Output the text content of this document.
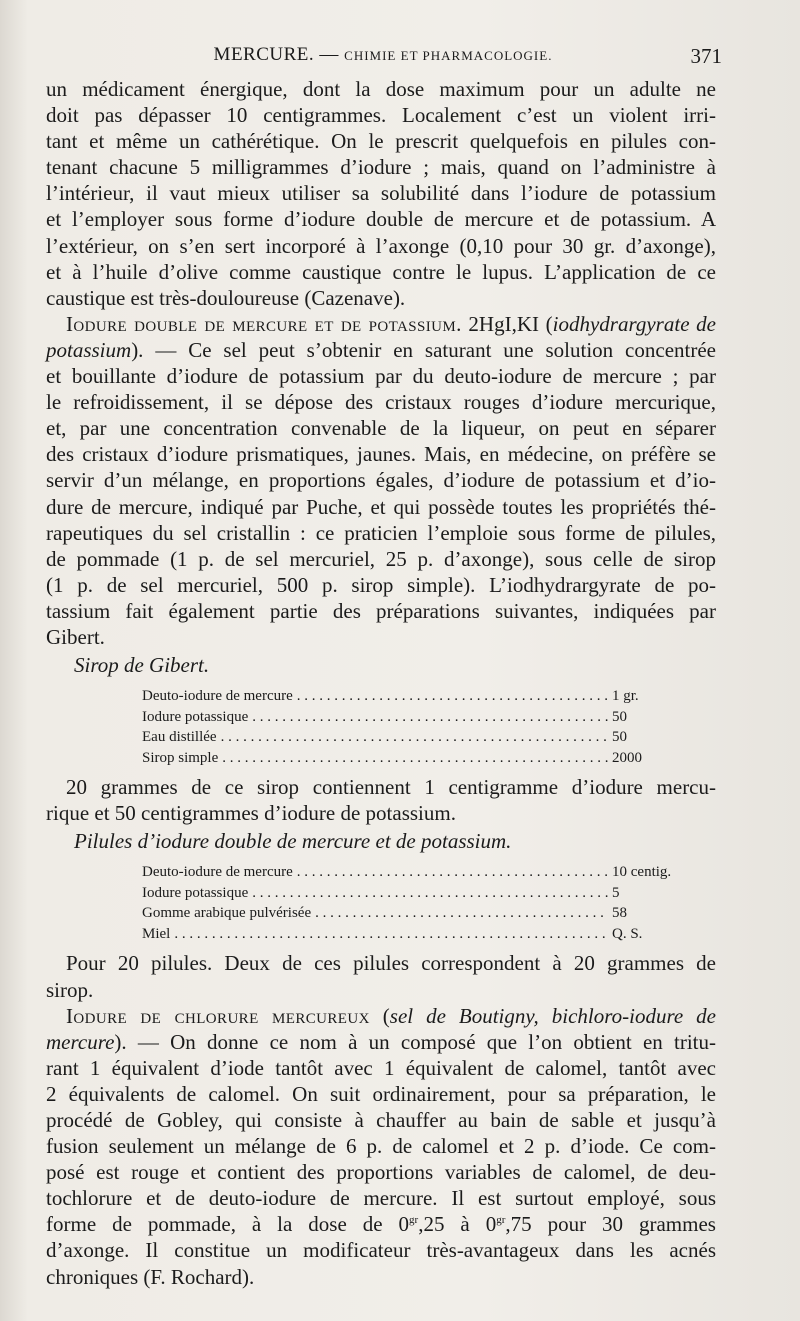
MERCURE. — CHIMIE ET PHARMACOLOGIE.	371
un médicament énergique, dont la dose maximum pour un adulte ne
doit pas dépasser 10 centigrammes. Localement c’est un violent irri-
tant et même un cathérétique. On le prescrit quelquefois en pilules con-
tenant chacune 5 milligrammes d’iodure ; mais, quand on l’administre à
l’intérieur, il vaut mieux utiliser sa solubilité dans l’iodure de potassium
et l’employer sous forme d’iodure double de mercure et de potassium. A
l’extérieur, on s’en sert incorporé à l’axonge (0,10 pour 30 gr. d’axonge),
et à l’huile d’olive comme caustique contre le lupus. L’application de ce
caustique est très-douloureuse (Cazenave).
Iodure double de mercure et de potassium. 2HgI,KI (iodhydrargyrate de
potassium). — Ce sel peut s’obtenir en saturant une solution concentrée
et bouillante d’iodure de potassium par du deuto-iodure de mercure ; par
le refroidissement, il se dépose des cristaux rouges d’iodure mercurique,
et, par une concentration convenable de la liqueur, on peut en séparer
des cristaux d’iodure prismatiques, jaunes. Mais, en médecine, on préfère se
servir d’un mélange, en proportions égales, d’iodure de potassium et d’io-
dure de mercure, indiqué par Puche, et qui possède toutes les propriétés thé-
rapeutiques du sel cristallin : ce praticien l’emploie sous forme de pilules,
de pommade (1 p. de sel mercuriel, 25 p. d’axonge), sous celle de sirop
(1 p. de sel mercuriel, 500 p. sirop simple). L’iodhydrargyrate de po-
tassium fait également partie des préparations suivantes, indiquées par
Gibert.
Sirop de Gibert.
Deuto-iodure de mercure . . .	1 gr.
Iodure potassique . . .	50
Eau distillée . . .	50
Sirop simple . . .	2000
20 grammes de ce sirop contiennent 1 centigramme d’iodure mercu-
rique et 50 centigrammes d’iodure de potassium.
Pilules d’iodure double de mercure et de potassium.
Deuto-iodure de mercure . . .	10 centig.
Iodure potassique . . .	5
Gomme arabique pulvérisée . . .	58
Miel . . .	Q. S.
Pour 20 pilules. Deux de ces pilules correspondent à 20 grammes de
sirop.
Iodure de chlorure mercureux (sel de Boutigny, bichloro-iodure de
mercure). — On donne ce nom à un composé que l’on obtient en tritu-
rant 1 équivalent d’iode tantôt avec 1 équivalent de calomel, tantôt avec
2 équivalents de calomel. On suit ordinairement, pour sa préparation, le
procédé de Gobley, qui consiste à chauffer au bain de sable et jusqu’à
fusion seulement un mélange de 6 p. de calomel et 2 p. d’iode. Ce com-
posé est rouge et contient des proportions variables de calomel, de deu-
tochlorure et de deuto-iodure de mercure. Il est surtout employé, sous
forme de pommade, à la dose de $0^{gr},25$ à $0^{gr},75$ pour 30 grammes
d’axonge. Il constitue un modificateur très-avantageux dans les acnés
chroniques (F. Rochard).
